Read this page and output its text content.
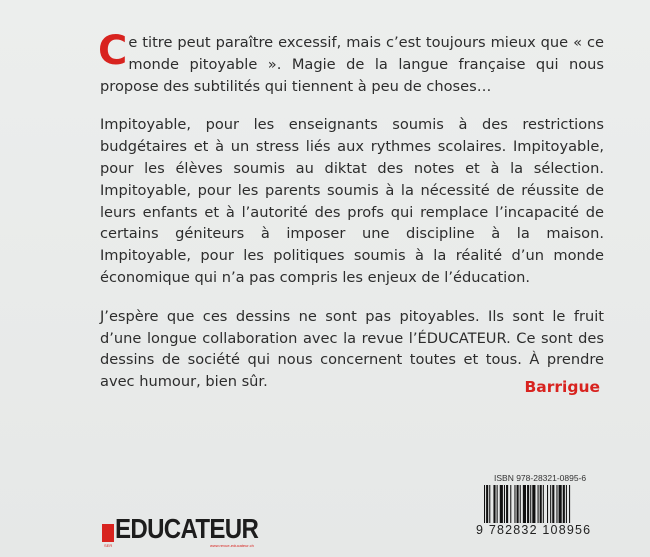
Ce titre peut paraître excessif, mais c’est toujours mieux que « ce monde pitoyable ». Magie de la langue française qui nous propose des subtilités qui tiennent à peu de choses…

Impitoyable, pour les enseignants soumis à des restrictions budgétaires et à un stress liés aux rythmes scolaires. Impitoyable, pour les élèves soumis au diktat des notes et à la sélection. Impitoyable, pour les parents soumis à la nécessité de réussite de leurs enfants et à l’autorité des profs qui remplace l’incapacité de certains géniteurs à imposer une discipline à la maison. Impitoyable, pour les politiques soumis à la réalité d’un monde économique qui n’a pas compris les enjeux de l’éducation.

J’espère que ces dessins ne sont pas pitoyables. Ils sont le fruit d’une longue collaboration avec la revue l’ÉDUCATEUR. Ce sont des dessins de société qui nous concernent toutes et tous. À prendre avec humour, bien sûr.	Barrigue
ISBN 978-28321-0895-6
9 782832 108956
SER
EDUCATEUR
www.revue-educateur.ch
